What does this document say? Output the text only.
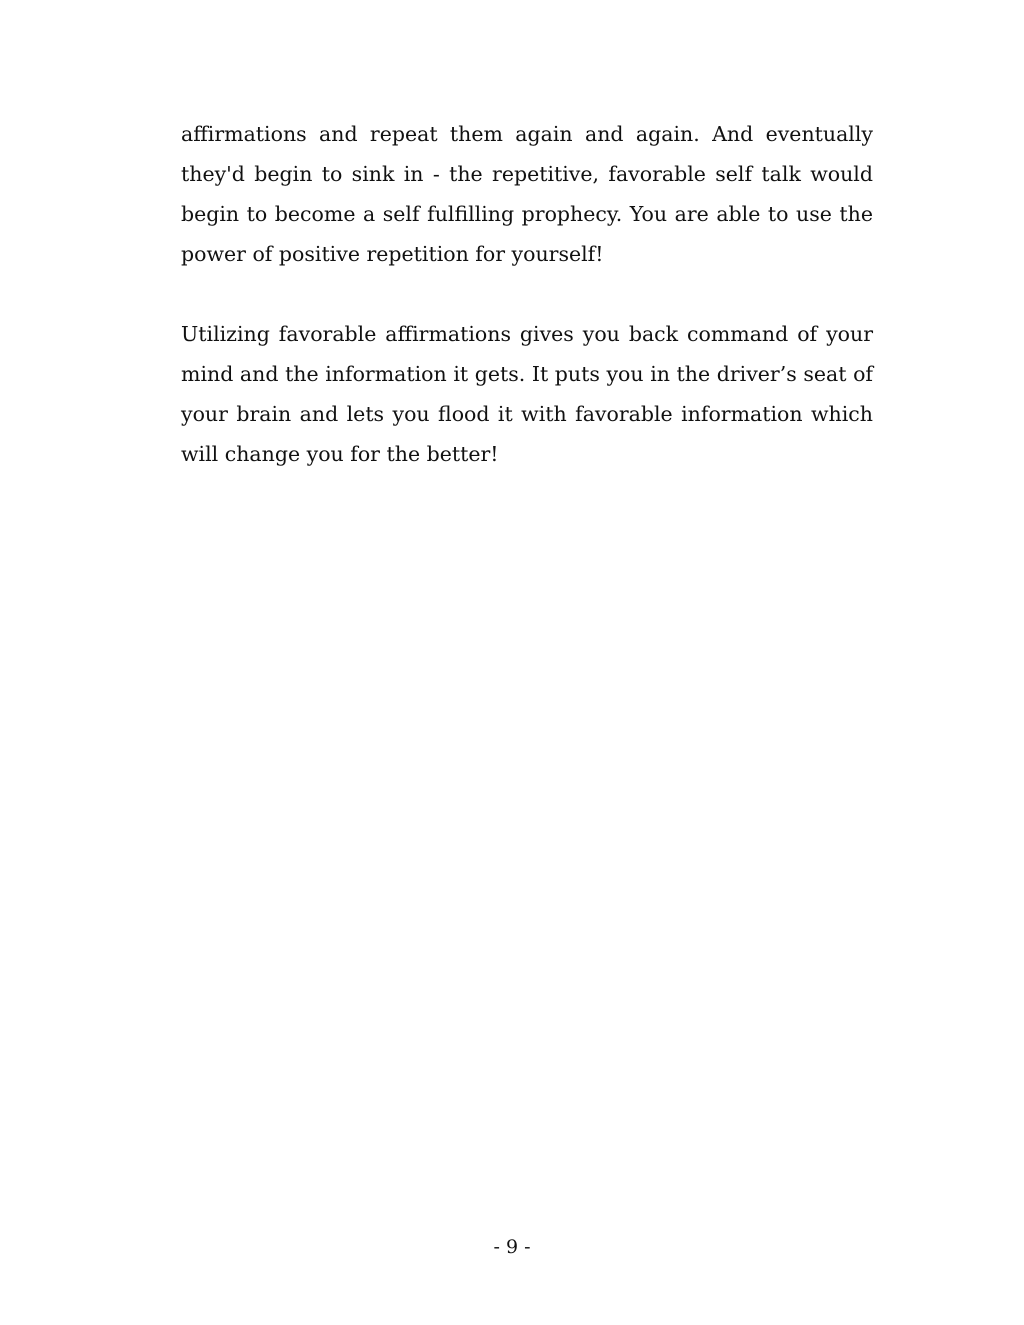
affirmations and repeat them again and again. And eventually they'd begin to sink in - the repetitive, favorable self talk would begin to become a self fulfilling prophecy. You are able to use the power of positive repetition for yourself!

Utilizing favorable affirmations gives you back command of your mind and the information it gets. It puts you in the driver’s seat of your brain and lets you flood it with favorable information which will change you for the better!

- 9 -
